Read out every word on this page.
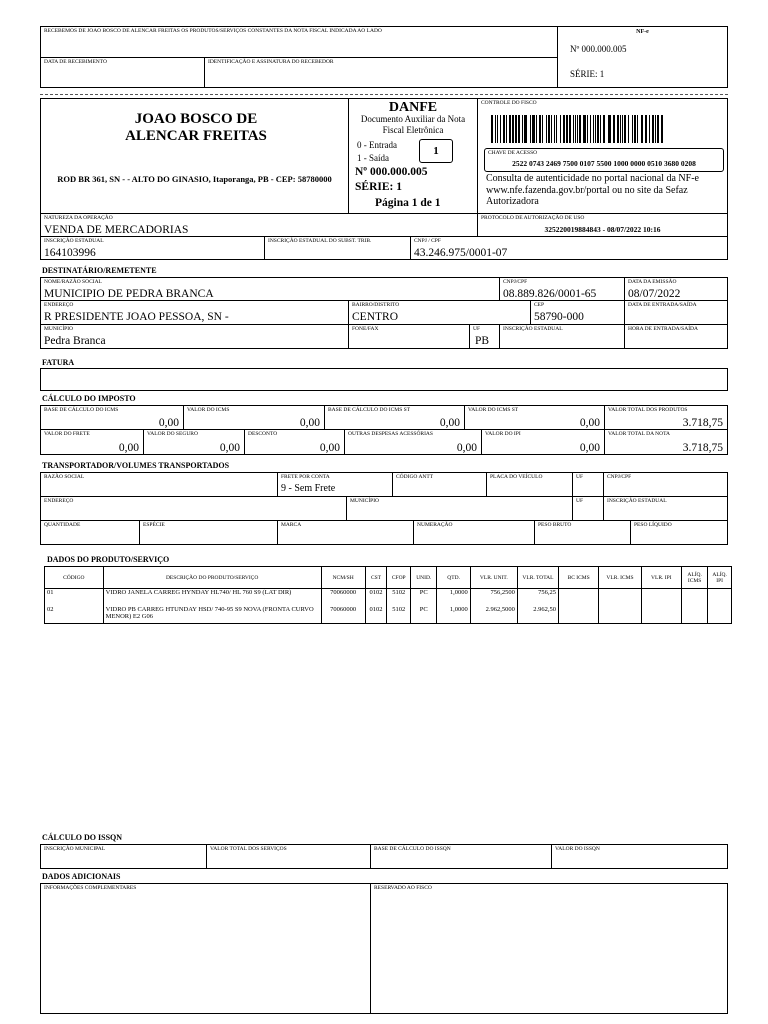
RECEBEMOS DE JOAO BOSCO DE ALENCAR FREITAS OS PRODUTOS/SERVIÇOS CONSTANTES DA NOTA FISCAL INDICADA AO LADO
DATA DE RECEBIMENTO	IDENTIFICAÇÃO E ASSINATURA DO RECEBEDOR
NF-e
Nº 000.000.005
SÉRIE: 1
JOAO BOSCO DE ALENCAR FREITAS
ROD BR 361, SN - - ALTO DO GINASIO, Itaporanga, PB - CEP: 58780000
DANFE
Documento Auxiliar da Nota Fiscal Eletrônica
0 - Entrada
1 - Saída
1
Nº 000.000.005
SÉRIE: 1
Página 1 de 1
CONTROLE DO FISCO
CHAVE DE ACESSO
2522 0743 2469 7500 0107 5500 1000 0000 0510 3680 0208
Consulta de autenticidade no portal nacional da NF-e www.nfe.fazenda.gov.br/portal ou no site da Sefaz Autorizadora
NATUREZA DA OPERAÇÃO
VENDA DE MERCADORIAS
PROTOCOLO DE AUTORIZAÇÃO DE USO
325220019884843 - 08/07/2022 10:16
INSCRIÇÃO ESTADUAL
164103996
INSCRIÇÃO ESTADUAL DO SUBST. TRIB.	CNPJ / CPF
43.246.975/0001-07
DESTINATÁRIO/REMETENTE
NOME/RAZÃO SOCIAL
MUNICIPIO DE PEDRA BRANCA
CNPJ/CPF
08.889.826/0001-65
DATA DA EMISSÃO
08/07/2022
ENDEREÇO
R PRESIDENTE JOAO PESSOA, SN -
BAIRRO/DISTRITO
CENTRO
CEP
58790-000
DATA DE ENTRADA/SAÍDA
MUNICÍPIO
Pedra Branca
FONE/FAX	UF
PB
INSCRIÇÃO ESTADUAL	HORA DE ENTRADA/SAÍDA
FATURA
CÁLCULO DO IMPOSTO
BASE DE CÁLCULO DO ICMS
0,00
VALOR DO ICMS
0,00
BASE DE CÁLCULO DO ICMS ST
0,00
VALOR DO ICMS ST
0,00
VALOR TOTAL DOS PRODUTOS
3.718,75
VALOR DO FRETE
0,00
VALOR DO SEGURO
0,00
DESCONTO
0,00
OUTRAS DESPESAS ACESSÓRIAS
0,00
VALOR DO IPI
0,00
VALOR TOTAL DA NOTA
3.718,75
TRANSPORTADOR/VOLUMES TRANSPORTADOS
RAZÃO SOCIAL	FRETE POR CONTA
9 - Sem Frete
CÓDIGO ANTT	PLACA DO VEÍCULO	UF	CNPJ/CPF
ENDEREÇO	MUNICÍPIO	UF	INSCRIÇÃO ESTADUAL
QUANTIDADE	ESPÉCIE	MARCA	NUMERAÇÃO	PESO BRUTO	PESO LÍQUIDO
DADOS DO PRODUTO/SERVIÇO
CÓDIGO	DESCRIÇÃO DO PRODUTO/SERVIÇO	NCM/SH	CST	CFOP	UNID.	QTD.	VLR. UNIT.	VLR. TOTAL	BC ICMS	VLR. ICMS	VLR. IPI	ALÍQ. ICMS	ALÍQ. IPI
01	VIDRO JANELA CARREG HYNDAY HL740/ HL 760 S9 (LAT DIR)	70060000	0102	5102	PC	1,0000	756,2500	756,25					
02	VIDRO PB CARREG HTUNDAY HSD/ 740-95 S9 NOVA (FRONTA CURVO MENOR) E2 G06	70060000	0102	5102	PC	1,0000	2.962,5000	2.962,50					
CÁLCULO DO ISSQN
INSCRIÇÃO MUNICIPAL	VALOR TOTAL DOS SERVIÇOS	BASE DE CÁLCULO DO ISSQN	VALOR DO ISSQN
DADOS ADICIONAIS
INFORMAÇÕES COMPLEMENTARES	RESERVADO AO FISCO
